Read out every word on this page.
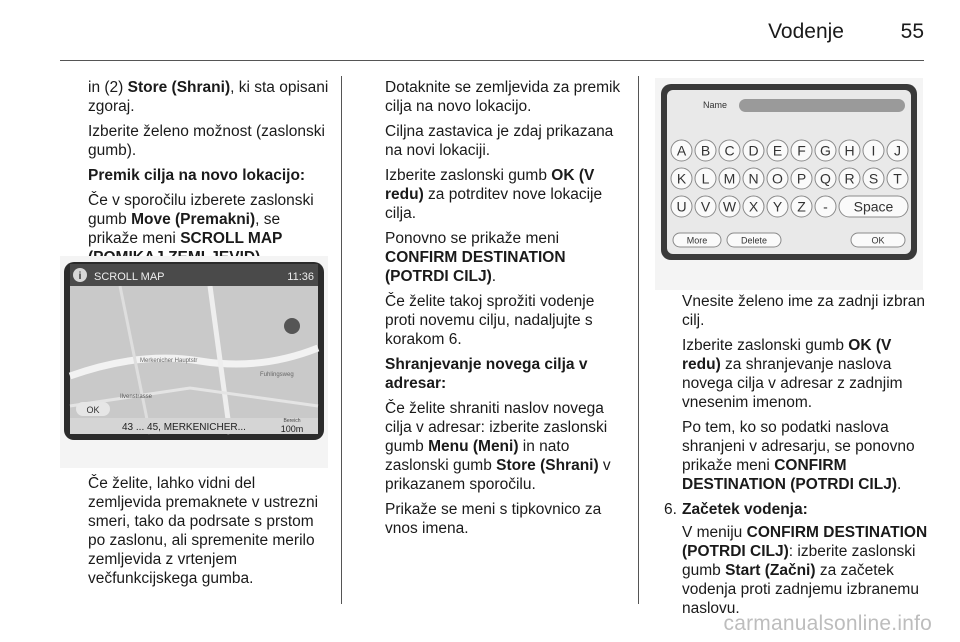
Vodenje	55

in (2) Store (Shrani), ki sta opisani zgoraj.

Izberite želeno možnost (zaslonski gumb).

Premik cilja na novo lokacijo:

Če v sporočilu izberete zaslonski gumb Move (Premakni), se prikaže meni SCROLL MAP

i SCROLL MAP	11:36
Merkenicher Hauptstr
Fuhlingsweg
Ilvenstrasse
OK
43 ... 45, MERKENICHER...
Bereich
100m

Če želite, lahko vidni del zemljevida premaknete v ustrezni smeri, tako da podrsate s prstom po zaslonu, ali spremenite merilo zemljevida z vrtenjem večfunkcijskega gumba.

Dotaknite se zemljevida za premik cilja na novo lokacijo.

Ciljna zastavica je zdaj prikazana na novi lokaciji.

Izberite zaslonski gumb OK (V redu) za potrditev nove lokacije cilja.

Ponovno se prikaže meni CONFIRM DESTINATION (POTRDI CILJ).

Če želite takoj sprožiti vodenje proti novemu cilju, nadaljujte s korakom 6.

Shranjevanje novega cilja v adresar:

Če želite shraniti naslov novega cilja v adresar: izberite zaslonski gumb Menu (Meni) in nato zaslonski gumb Store (Shrani) v prikazanem sporočilu.

Prikaže se meni s tipkovnico za vnos imena.

Name
A B C D E F G H I J
K L M N O P Q R S T
U V W X Y Z - Space
More	Delete	OK

Vnesite želeno ime za zadnji izbran cilj.

Izberite zaslonski gumb OK (V redu) za shranjevanje naslova novega cilja v adresar z zadnjim vnesenim imenom.

Po tem, ko so podatki naslova shranjeni v adresarju, se ponovno prikaže meni CONFIRM DESTINATION (POTRDI CILJ).

6. Začetek vodenja:

V meniju CONFIRM DESTINATION (POTRDI CILJ): izberite zaslonski gumb Start (Začni) za začetek vodenja proti zadnjemu izbranemu naslovu.

carmanualsonline.info
